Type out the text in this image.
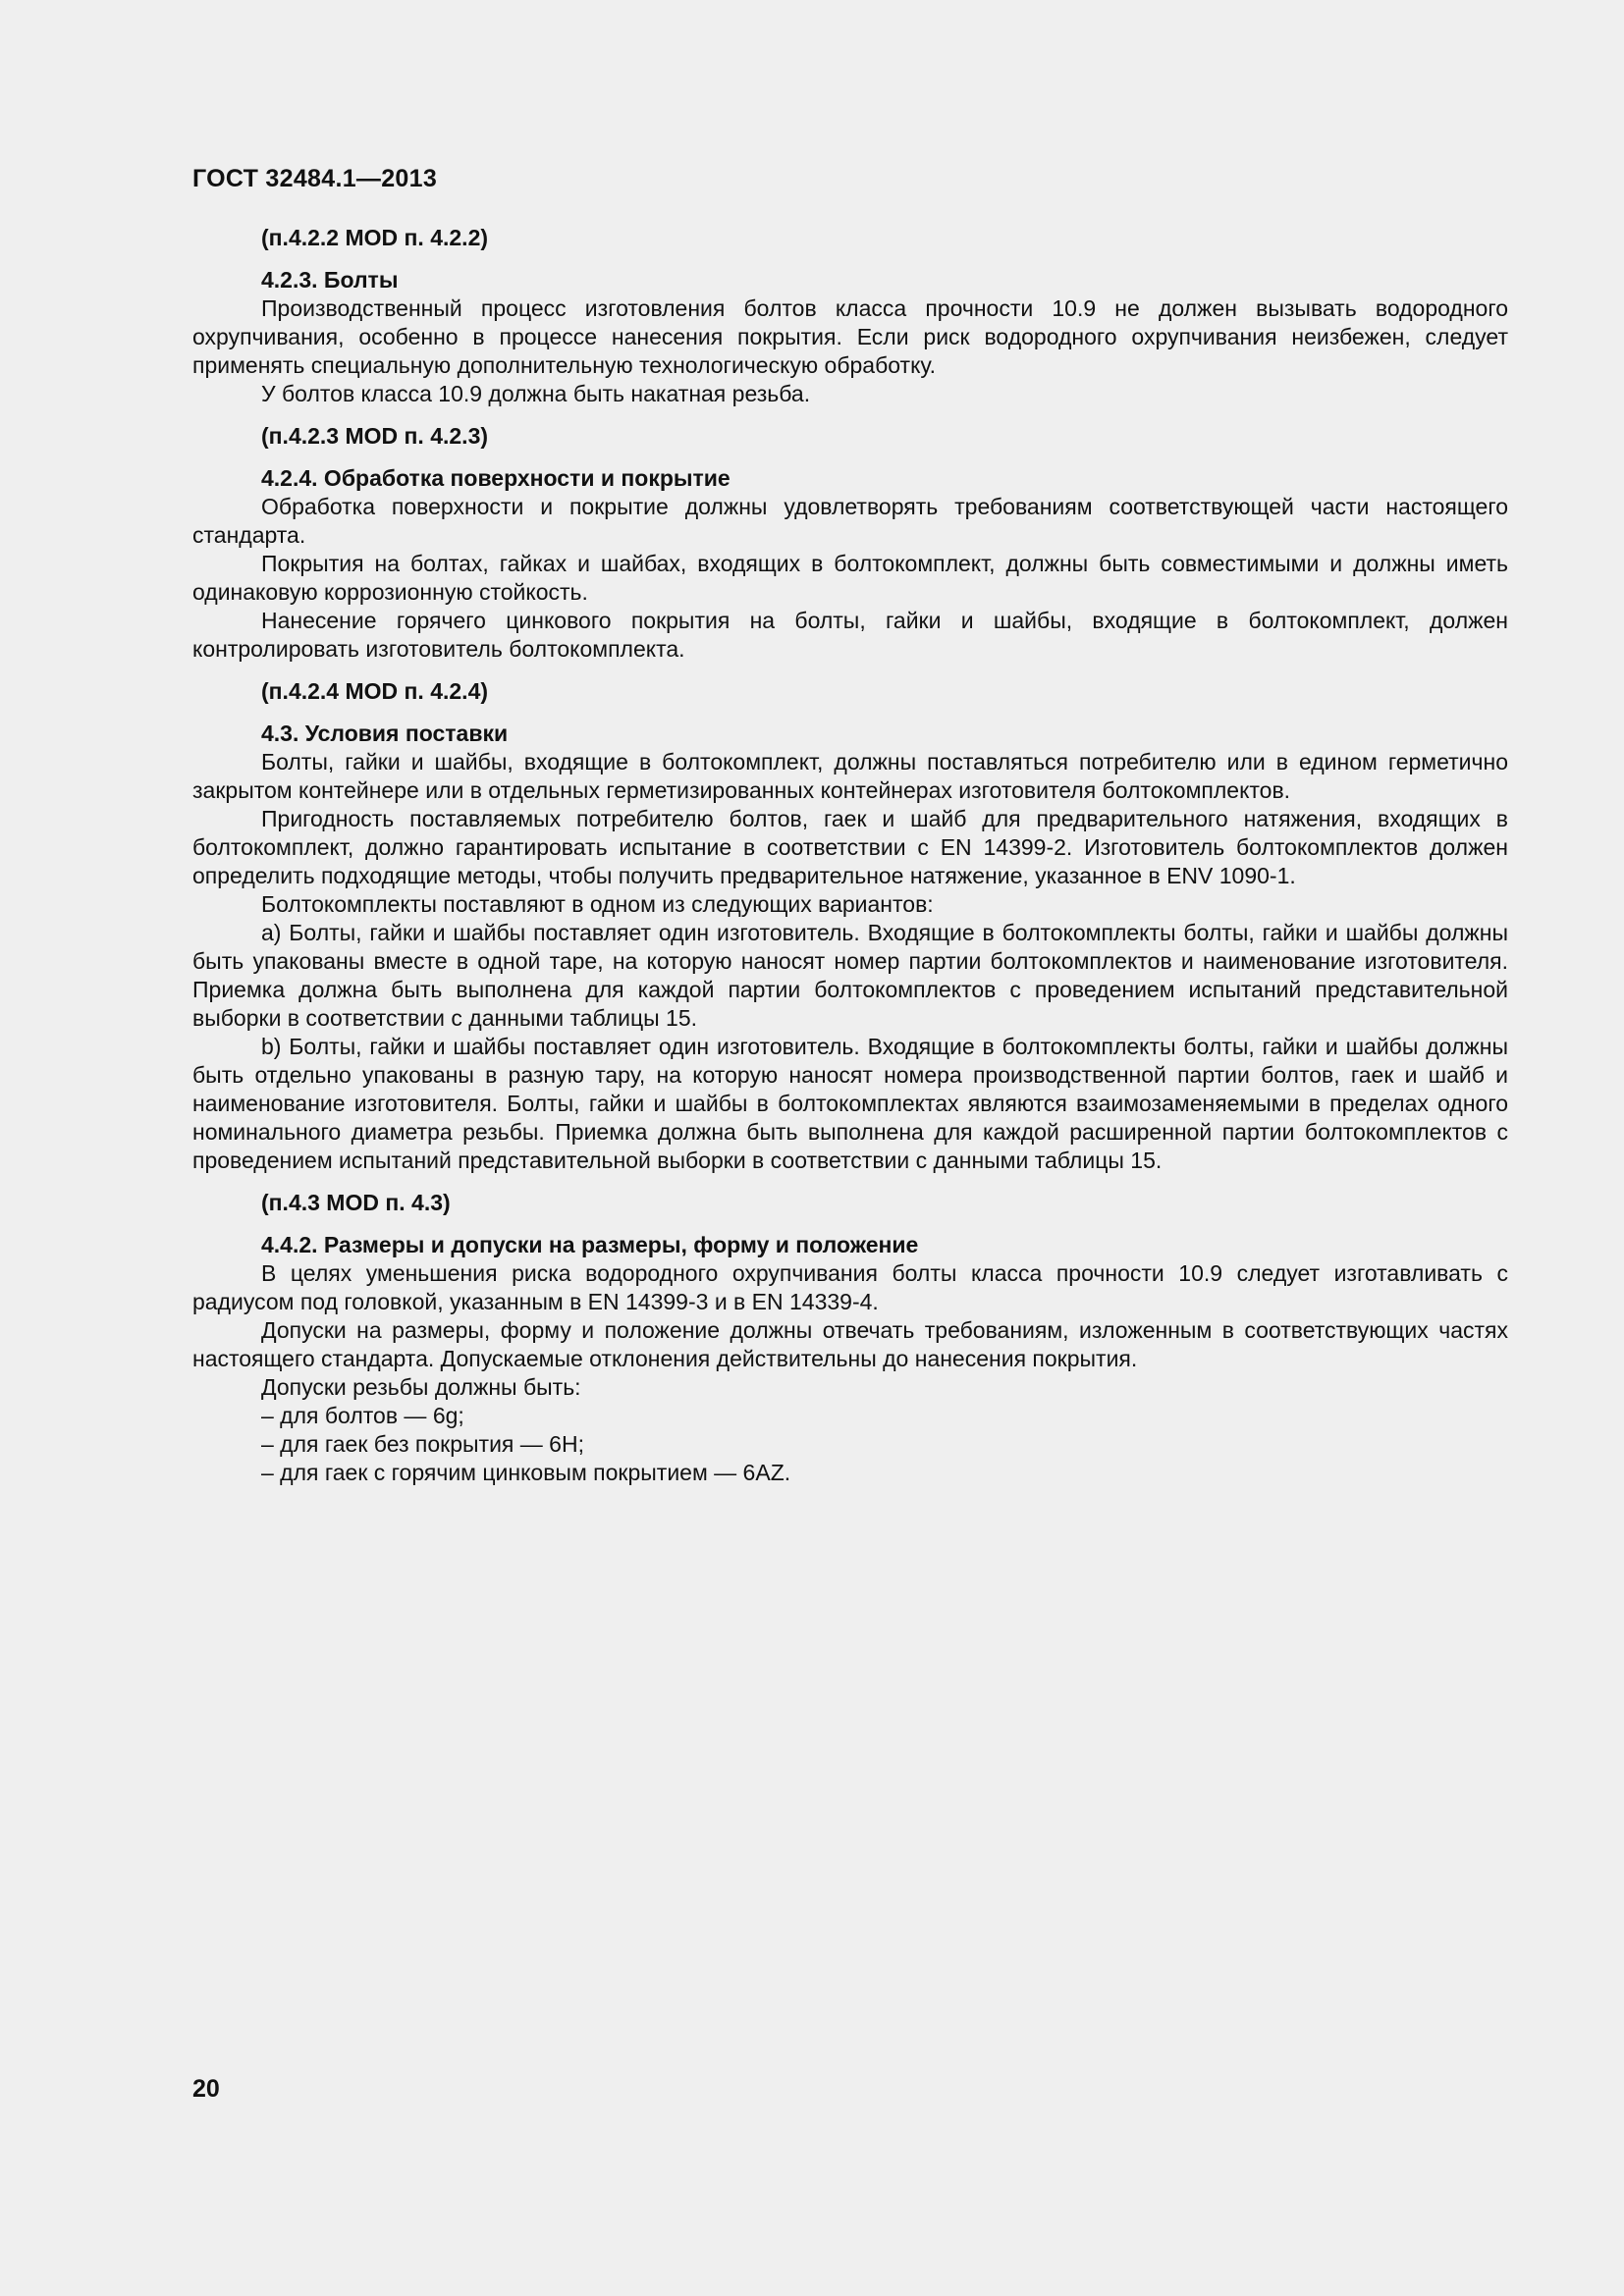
ГОСТ 32484.1—2013

(п.4.2.2 MOD п. 4.2.2)

4.2.3. Болты

Производственный процесс изготовления болтов класса прочности 10.9 не должен вызывать водородного охрупчивания, особенно в процессе нанесения покрытия. Если риск водородного охрупчивания неизбежен, следует применять специальную дополнительную технологическую обработку.

У болтов класса 10.9 должна быть накатная резьба.

(п.4.2.3 MOD п. 4.2.3)

4.2.4. Обработка поверхности и покрытие

Обработка поверхности и покрытие должны удовлетворять требованиям соответствующей части настоящего стандарта.

Покрытия на болтах, гайках и шайбах, входящих в болтокомплект, должны быть совместимыми и должны иметь одинаковую коррозионную стойкость.

Нанесение горячего цинкового покрытия на болты, гайки и шайбы, входящие в болтокомплект, должен контролировать изготовитель болтокомплекта.

(п.4.2.4 MOD п. 4.2.4)

4.3. Условия поставки

Болты, гайки и шайбы, входящие в болтокомплект, должны поставляться потребителю или в едином герметично закрытом контейнере или в отдельных герметизированных контейнерах изготовителя болтокомплектов.

Пригодность поставляемых потребителю болтов, гаек и шайб для предварительного натяжения, входящих в болтокомплект, должно гарантировать испытание в соответствии с EN 14399-2. Изготовитель болтокомплектов должен определить подходящие методы, чтобы получить предварительное натяжение, указанное в ENV 1090-1.

Болтокомплекты поставляют в одном из следующих вариантов:

a) Болты, гайки и шайбы поставляет один изготовитель. Входящие в болтокомплекты болты, гайки и шайбы должны быть упакованы вместе в одной таре, на которую наносят номер партии болтокомплектов и наименование изготовителя. Приемка должна быть выполнена для каждой партии болтокомплектов с проведением испытаний представительной выборки в соответствии с данными таблицы 15.

b) Болты, гайки и шайбы поставляет один изготовитель. Входящие в болтокомплекты болты, гайки и шайбы должны быть отдельно упакованы в разную тару, на которую наносят номера производственной партии болтов, гаек и шайб и наименование изготовителя. Болты, гайки и шайбы в болтокомплектах являются взаимозаменяемыми в пределах одного номинального диаметра резьбы. Приемка должна быть выполнена для каждой расширенной партии болтокомплектов с проведением испытаний представительной выборки в соответствии с данными таблицы 15.

(п.4.3 MOD п. 4.3)

4.4.2. Размеры и допуски на размеры, форму и положение

В целях уменьшения риска водородного охрупчивания болты класса прочности 10.9 следует изготавливать с радиусом под головкой, указанным в EN 14399-3 и в EN 14339-4.

Допуски на размеры, форму и положение должны отвечать требованиям, изложенным в соответствующих частях настоящего стандарта. Допускаемые отклонения действительны до нанесения покрытия.

Допуски резьбы должны быть:

– для болтов — 6g;

– для гаек без покрытия — 6H;

– для гаек с горячим цинковым покрытием — 6AZ.

20
